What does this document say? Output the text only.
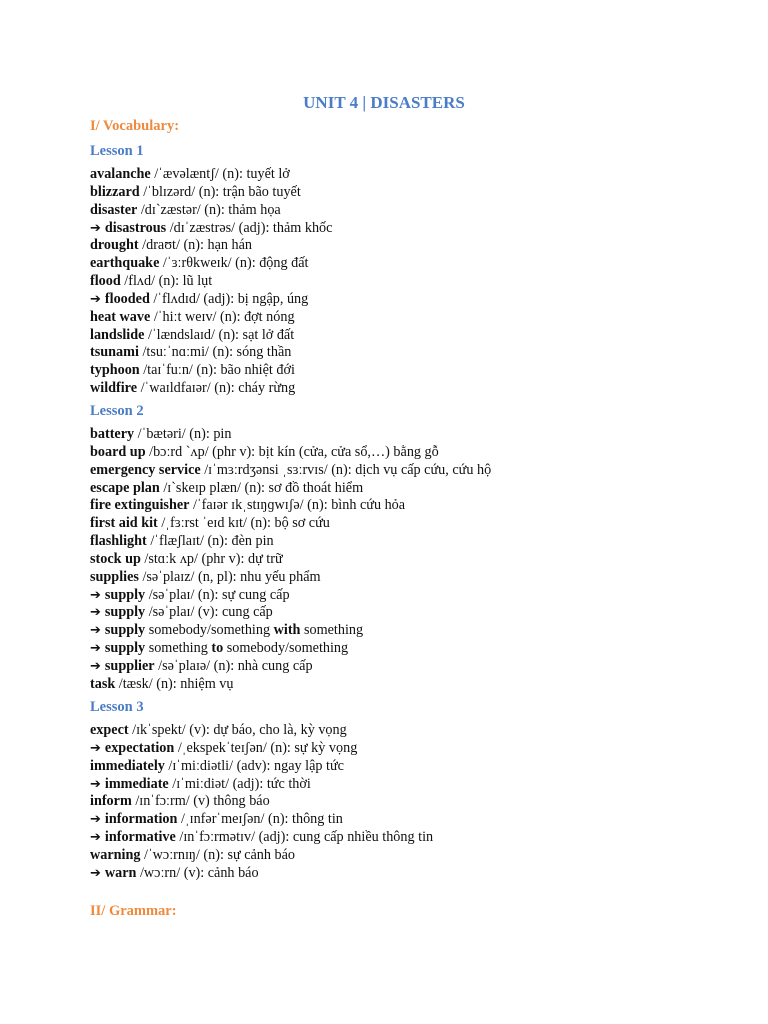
UNIT 4 | DISASTERS
I/ Vocabulary:
Lesson 1
avalanche /ˈævəlæntʃ/ (n): tuyết lở
blizzard /ˈblɪzərd/ (n): trận bão tuyết
disaster /dɪˋzæstər/ (n): thảm họa
➔ disastrous /dɪˈzæstrəs/ (adj): thảm khốc
drought /draʊt/ (n): hạn hán
earthquake /ˈɜːrθkweɪk/ (n): động đất
flood /flʌd/ (n): lũ lụt
➔ flooded /ˈflʌdɪd/ (adj): bị ngập, úng
heat wave /ˈhiːt weɪv/ (n): đợt nóng
landslide /ˈlændslaɪd/ (n): sạt lở đất
tsunami /tsuːˈnɑːmi/ (n): sóng thần
typhoon /taɪˈfuːn/ (n): bão nhiệt đới
wildfire /ˈwaɪldfaɪər/ (n): cháy rừng
Lesson 2
battery /ˈbætəri/ (n): pin
board up /bɔːrd ˋʌp/ (phr v): bịt kín (cửa, cửa sổ,…) bằng gỗ
emergency service /ɪˈmɜːrdʒənsi ˌsɜːrvɪs/ (n): dịch vụ cấp cứu, cứu hộ
escape plan /ɪˋskeɪp plæn/ (n): sơ đồ thoát hiểm
fire extinguisher /ˈfaɪər ɪkˌstɪŋɡwɪʃə/ (n): bình cứu hỏa
first aid kit /ˌfɜːrst ˈeɪd kɪt/ (n): bộ sơ cứu
flashlight /ˈflæʃlaɪt/ (n): đèn pin
stock up /stɑːk ʌp/ (phr v): dự trữ
supplies /səˈplaɪz/ (n, pl): nhu yếu phẩm
➔ supply /səˈplaɪ/ (n): sự cung cấp
➔ supply /səˈplaɪ/ (v): cung cấp
➔ supply somebody/something with something
➔ supply something to somebody/something
➔ supplier /səˈplaɪə/ (n): nhà cung cấp
task /tæsk/ (n): nhiệm vụ
Lesson 3
expect /ɪkˈspekt/ (v): dự báo, cho là, kỳ vọng
➔ expectation /ˌekspekˈteɪʃən/ (n): sự kỳ vọng
immediately /ɪˈmiːdiətli/ (adv): ngay lập tức
➔ immediate /ɪˈmiːdiət/ (adj): tức thời
inform /ɪnˈfɔːrm/ (v) thông báo
➔ information /ˌɪnfərˈmeɪʃən/ (n): thông tin
➔ informative /ɪnˈfɔːrmətɪv/ (adj): cung cấp nhiều thông tin
warning /ˈwɔːrnɪŋ/ (n): sự cảnh báo
➔ warn /wɔːrn/ (v): cảnh báo
II/ Grammar:
